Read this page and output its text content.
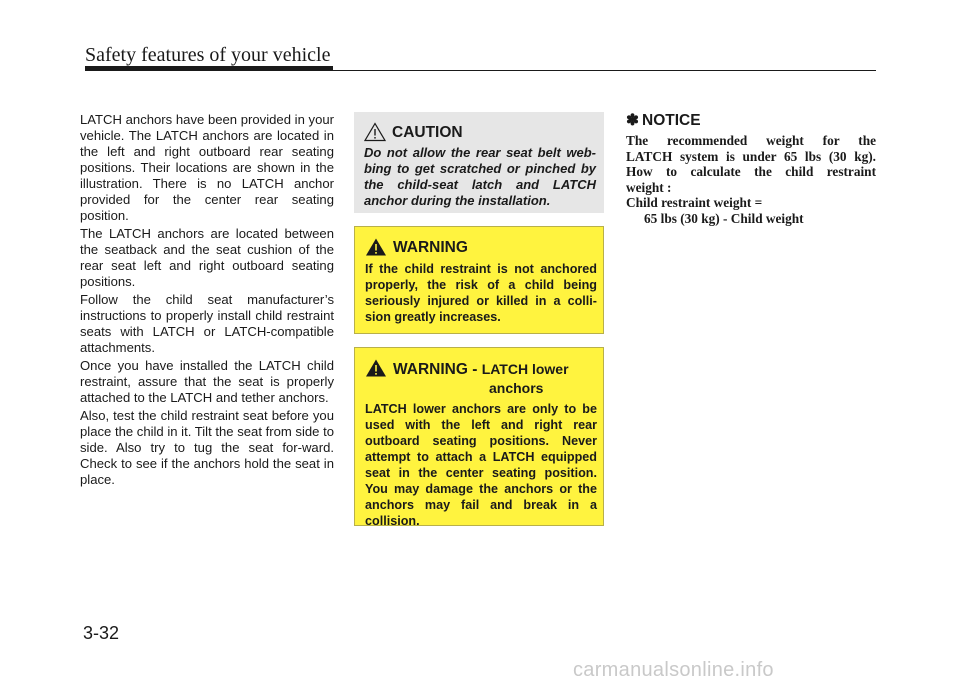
Safety features of your vehicle

LATCH anchors have been provided in your vehicle. The LATCH anchors are located in the left and right outboard rear seating positions. Their locations are shown in the illustration. There is no LATCH anchor provided for the center rear seating position.

The LATCH anchors are located between the seatback and the seat cushion of the rear seat left and right outboard seating positions.

Follow the child seat manufacturer’s instructions to properly install child restraint seats with LATCH or LATCH-compatible attachments.

Once you have installed the LATCH child restraint, assure that the seat is properly attached to the LATCH and tether anchors.

Also, test the child restraint seat before you place the child in it. Tilt the seat from side to side. Also try to tug the seat for-ward. Check to see if the anchors hold the seat in place.

CAUTION
Do not allow the rear seat belt web-bing to get scratched or pinched by the child-seat latch and LATCH anchor during the installation.
WARNING
If the child restraint is not anchored properly, the risk of a child being seriously injured or killed in a colli-sion greatly increases.
WARNING - LATCH lower
anchors
LATCH lower anchors are only to be used with the left and right rear outboard seating positions. Never attempt to attach a LATCH equipped seat in the center seating position. You may damage the anchors or the anchors may fail and break in a collision.
✽ NOTICE
The recommended weight for the
LATCH system is under 65 lbs (30 kg).
How to calculate the child restraint
weight :
Child restraint weight =
65 lbs (30 kg) - Child weight
3-32
carmanualsonline.info
